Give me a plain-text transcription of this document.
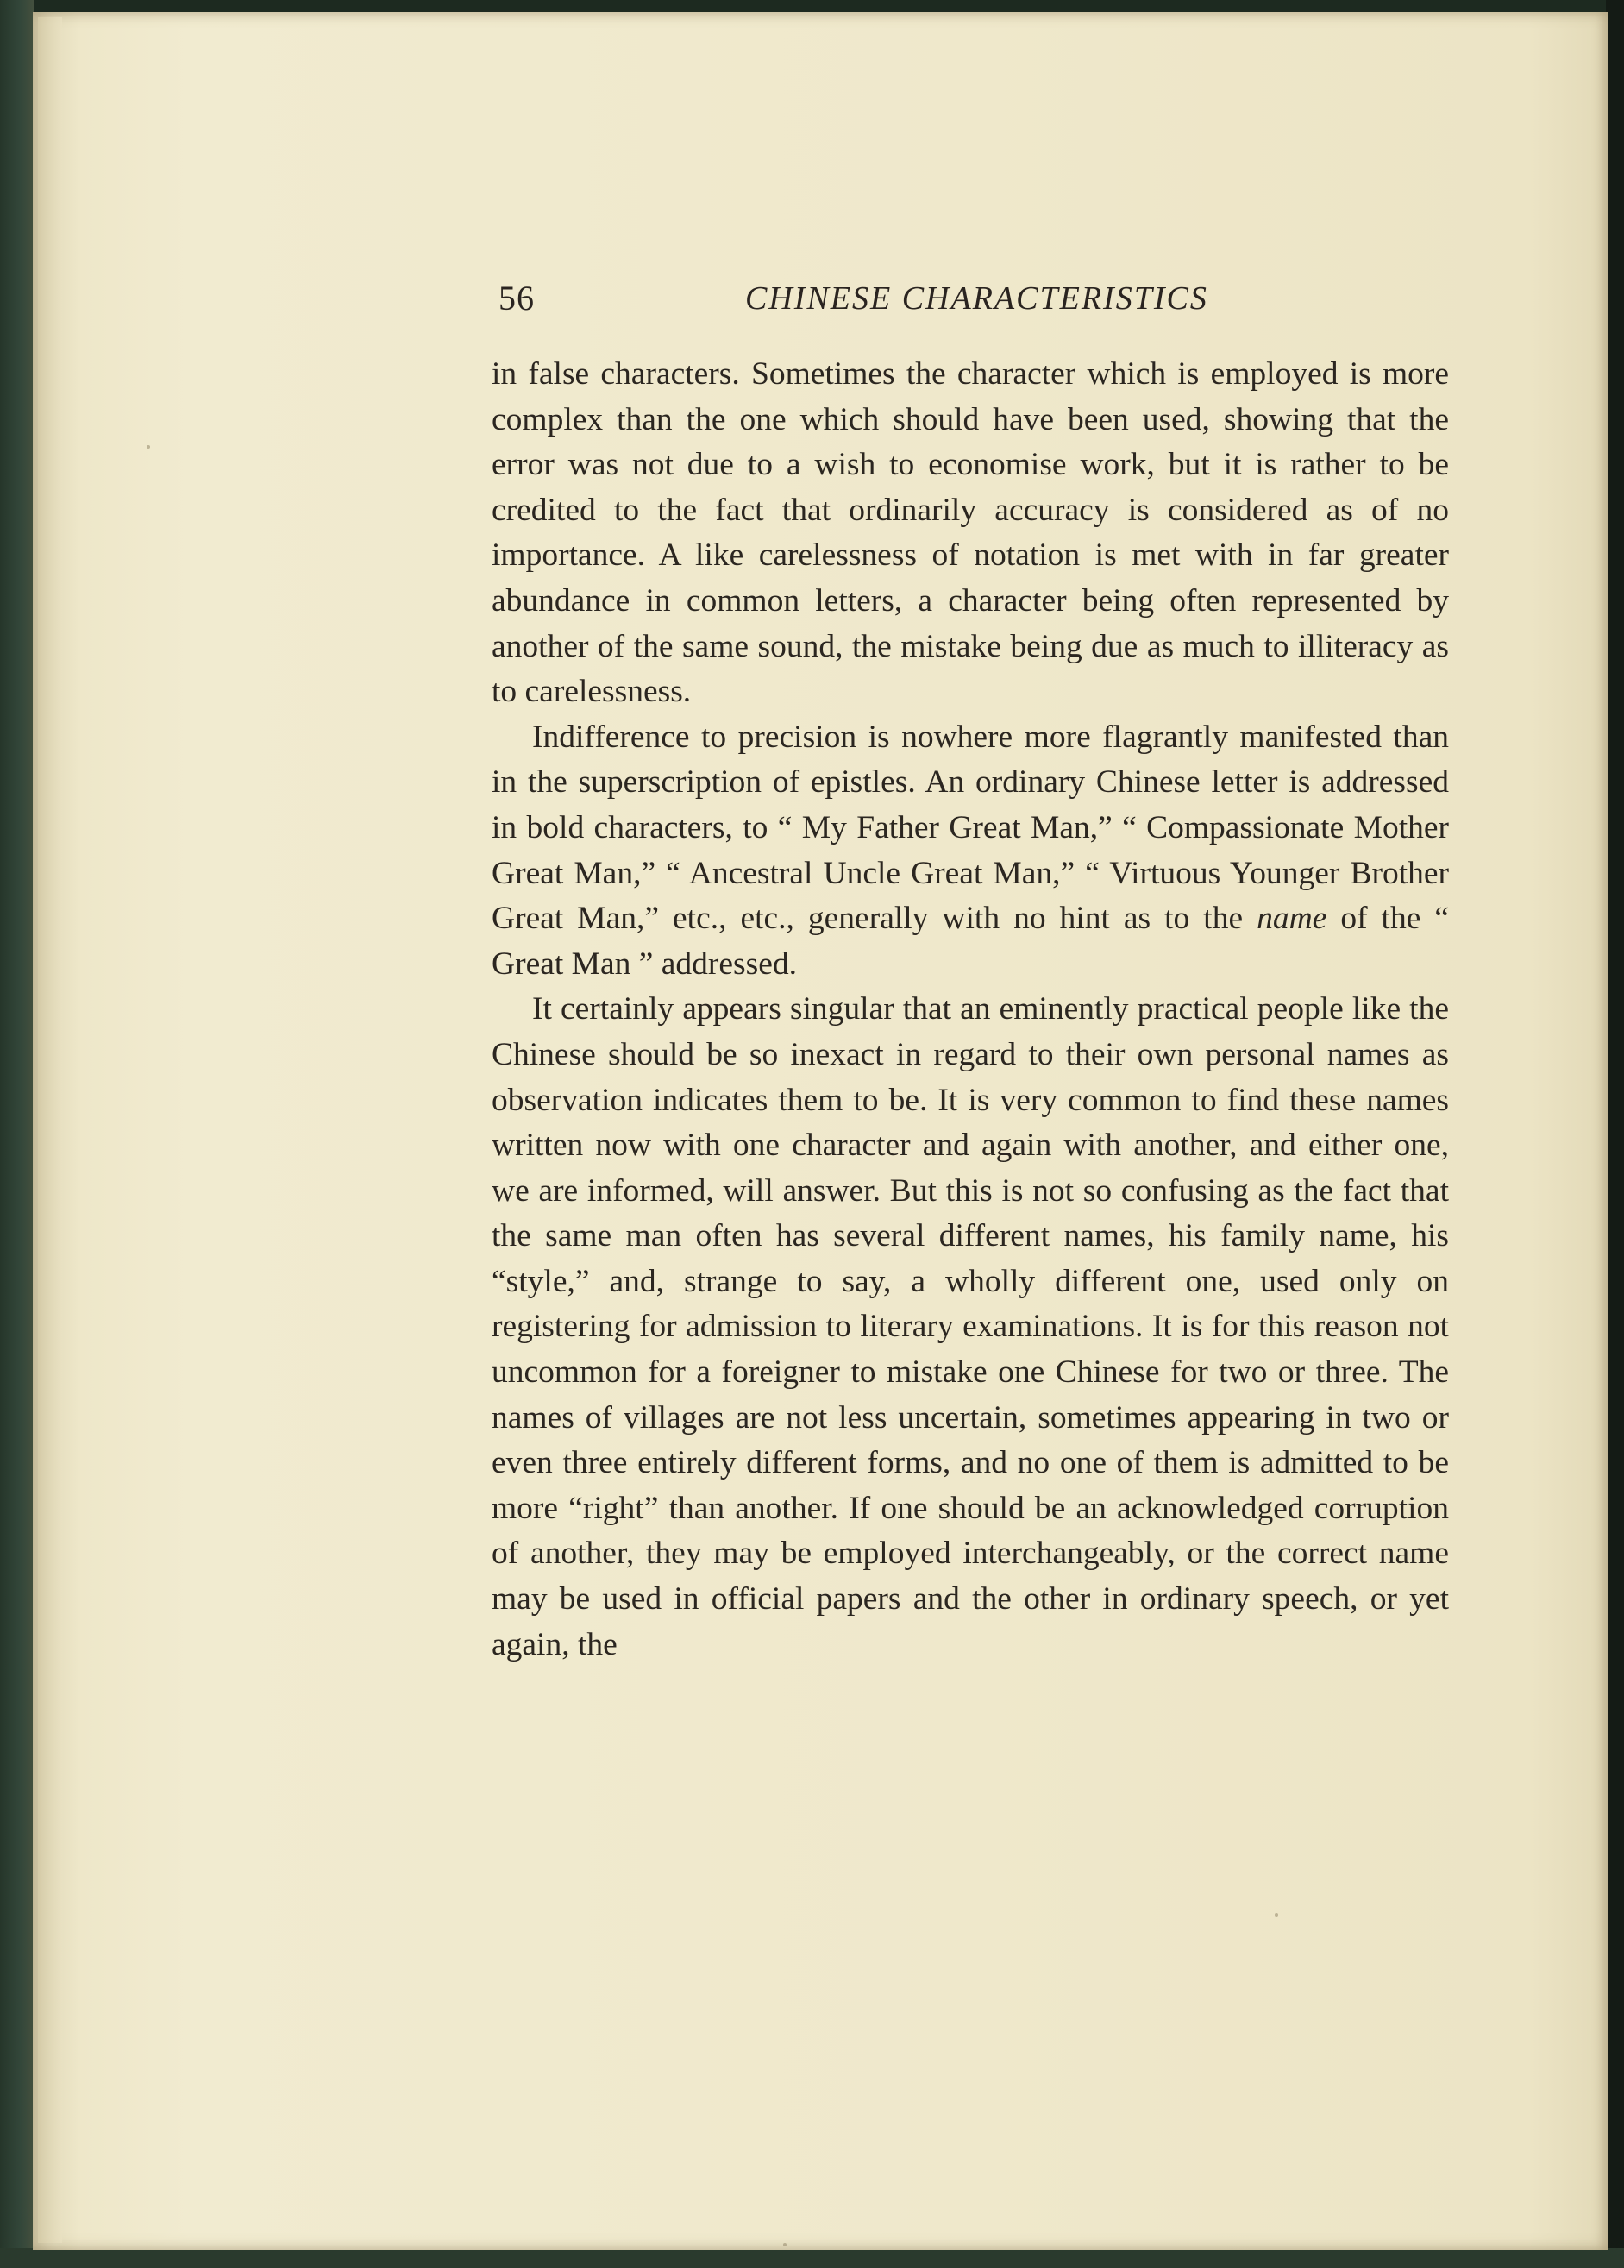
56	CHINESE CHARACTERISTICS

in false characters. Sometimes the character which is employed is more complex than the one which should have been used, showing that the error was not due to a wish to economise work, but it is rather to be credited to the fact that ordinarily accuracy is considered as of no importance. A like carelessness of notation is met with in far greater abundance in common letters, a character being often represented by another of the same sound, the mistake being due as much to illiteracy as to carelessness.

Indifference to precision is nowhere more flagrantly manifested than in the superscription of epistles. An ordinary Chinese letter is addressed in bold characters, to “ My Father Great Man,” “ Compassionate Mother Great Man,” “ Ancestral Uncle Great Man,” “ Virtuous Younger Brother Great Man,” etc., etc., generally with no hint as to the name of the “ Great Man ” addressed.

It certainly appears singular that an eminently practical people like the Chinese should be so inexact in regard to their own personal names as observation indicates them to be. It is very common to find these names written now with one character and again with another, and either one, we are informed, will answer. But this is not so confusing as the fact that the same man often has several different names, his family name, his “style,” and, strange to say, a wholly different one, used only on registering for admission to literary examinations. It is for this reason not uncommon for a foreigner to mistake one Chinese for two or three. The names of villages are not less uncertain, sometimes appearing in two or even three entirely different forms, and no one of them is admitted to be more “right” than another. If one should be an acknowledged corruption of another, they may be employed interchangeably, or the correct name may be used in official papers and the other in ordinary speech, or yet again, the
